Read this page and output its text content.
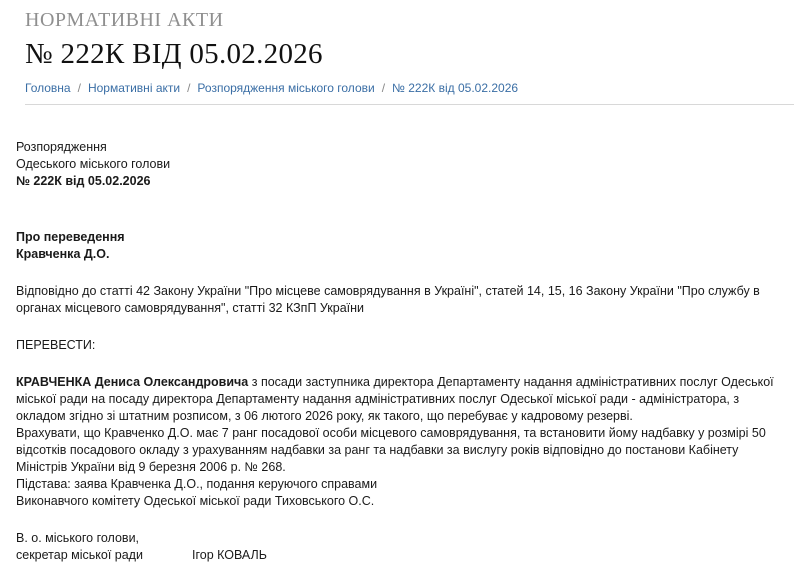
НОРМАТИВНІ АКТИ
№ 222К ВІД 05.02.2026
Головна / Нормативні акти / Розпорядження міського голови / № 222К від 05.02.2026

Розпорядження

Одеського міського голови

№ 222К від 05.02.2026

Про переведення

Кравченка Д.О.

Відповідно до статті 42 Закону України "Про місцеве самоврядування в Україні", статей 14, 15, 16 Закону України "Про службу в органах місцевого самоврядування", статті 32 КЗпП України

ПЕРЕВЕСТИ:

КРАВЧЕНКА Дениса Олександровича з посади заступника директора Департаменту надання адміністративних послуг Одеської міської ради на посаду директора Департаменту надання адміністративних послуг Одеської міської ради - адміністратора, з окладом згідно зі штатним розписом, з 06 лютого 2026 року, як такого, що перебуває у кадровому резерві.

Врахувати, що Кравченко Д.О. має 7 ранг посадової особи місцевого самоврядування, та встановити йому надбавку у розмірі 50 відсотків посадового окладу з урахуванням надбавки за ранг та надбавки за вислугу років відповідно до постанови Кабінету Міністрів України від 9 березня 2006 р. № 268.

Підстава: заява Кравченка Д.О., подання керуючого справами

Виконавчого комітету Одеської міської ради Тиховського О.С.

В. о. міського голови,

секретар міської ради	Ігор КОВАЛЬ
